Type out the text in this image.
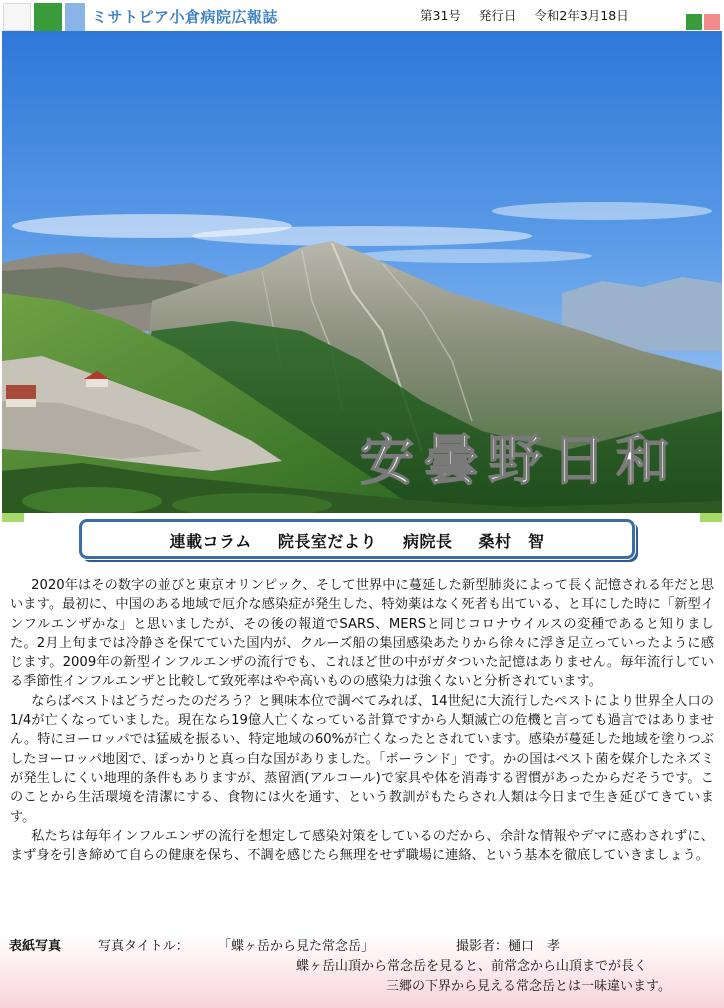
ミサトピア小倉病院広報誌	第31号 発行日 令和2年3月18日
安曇野日和
連載コラム 院長室だより 病院長 桑村　智

2020年はその数字の並びと東京オリンピック、そして世界中に蔓延した新型肺炎によって長く記憶される年だと思います。最初に、中国のある地域で厄介な感染症が発生した、特効薬はなく死者も出ている、と耳にした時に「新型インフルエンザかな」と思いましたが、その後の報道でSARS、MERSと同じコロナウイルスの変種であると知りました。2月上旬までは冷静さを保てていた国内が、クルーズ船の集団感染あたりから徐々に浮き足立っていったように感じます。2009年の新型インフルエンザの流行でも、これほど世の中がガタついた記憶はありません。毎年流行している季節性インフルエンザと比較して致死率はやや高いものの感染力は強くないと分析されています。

ならばペストはどうだったのだろう？と興味本位で調べてみれば、14世紀に大流行したペストにより世界全人口の1/4が亡くなっていました。現在なら19億人亡くなっている計算ですから人類滅亡の危機と言っても過言ではありません。特にヨーロッパでは猛威を振るい、特定地域の60%が亡くなったとされています。感染が蔓延した地域を塗りつぶしたヨーロッパ地図で、ぽっかりと真っ白な国がありました。「ポーランド」です。かの国はペスト菌を媒介したネズミが発生しにくい地理的条件もありますが、蒸留酒(アルコール)で家具や体を消毒する習慣があったからだそうです。このことから生活環境を清潔にする、食物には火を通す、という教訓がもたらされ人類は今日まで生き延びてきています。

私たちは毎年インフルエンザの流行を想定して感染対策をしているのだから、余計な情報やデマに惑わされずに、まず身を引き締めて自らの健康を保ち、不調を感じたら無理をせず職場に連絡、という基本を徹底していきましょう。

表紙写真	写真タイトル： 「蝶ヶ岳から見た常念岳」	撮影者：樋口　孝
蝶ヶ岳山頂から常念岳を見ると、前常念から山頂までが長く
三郷の下界から見える常念岳とは一味違います。
